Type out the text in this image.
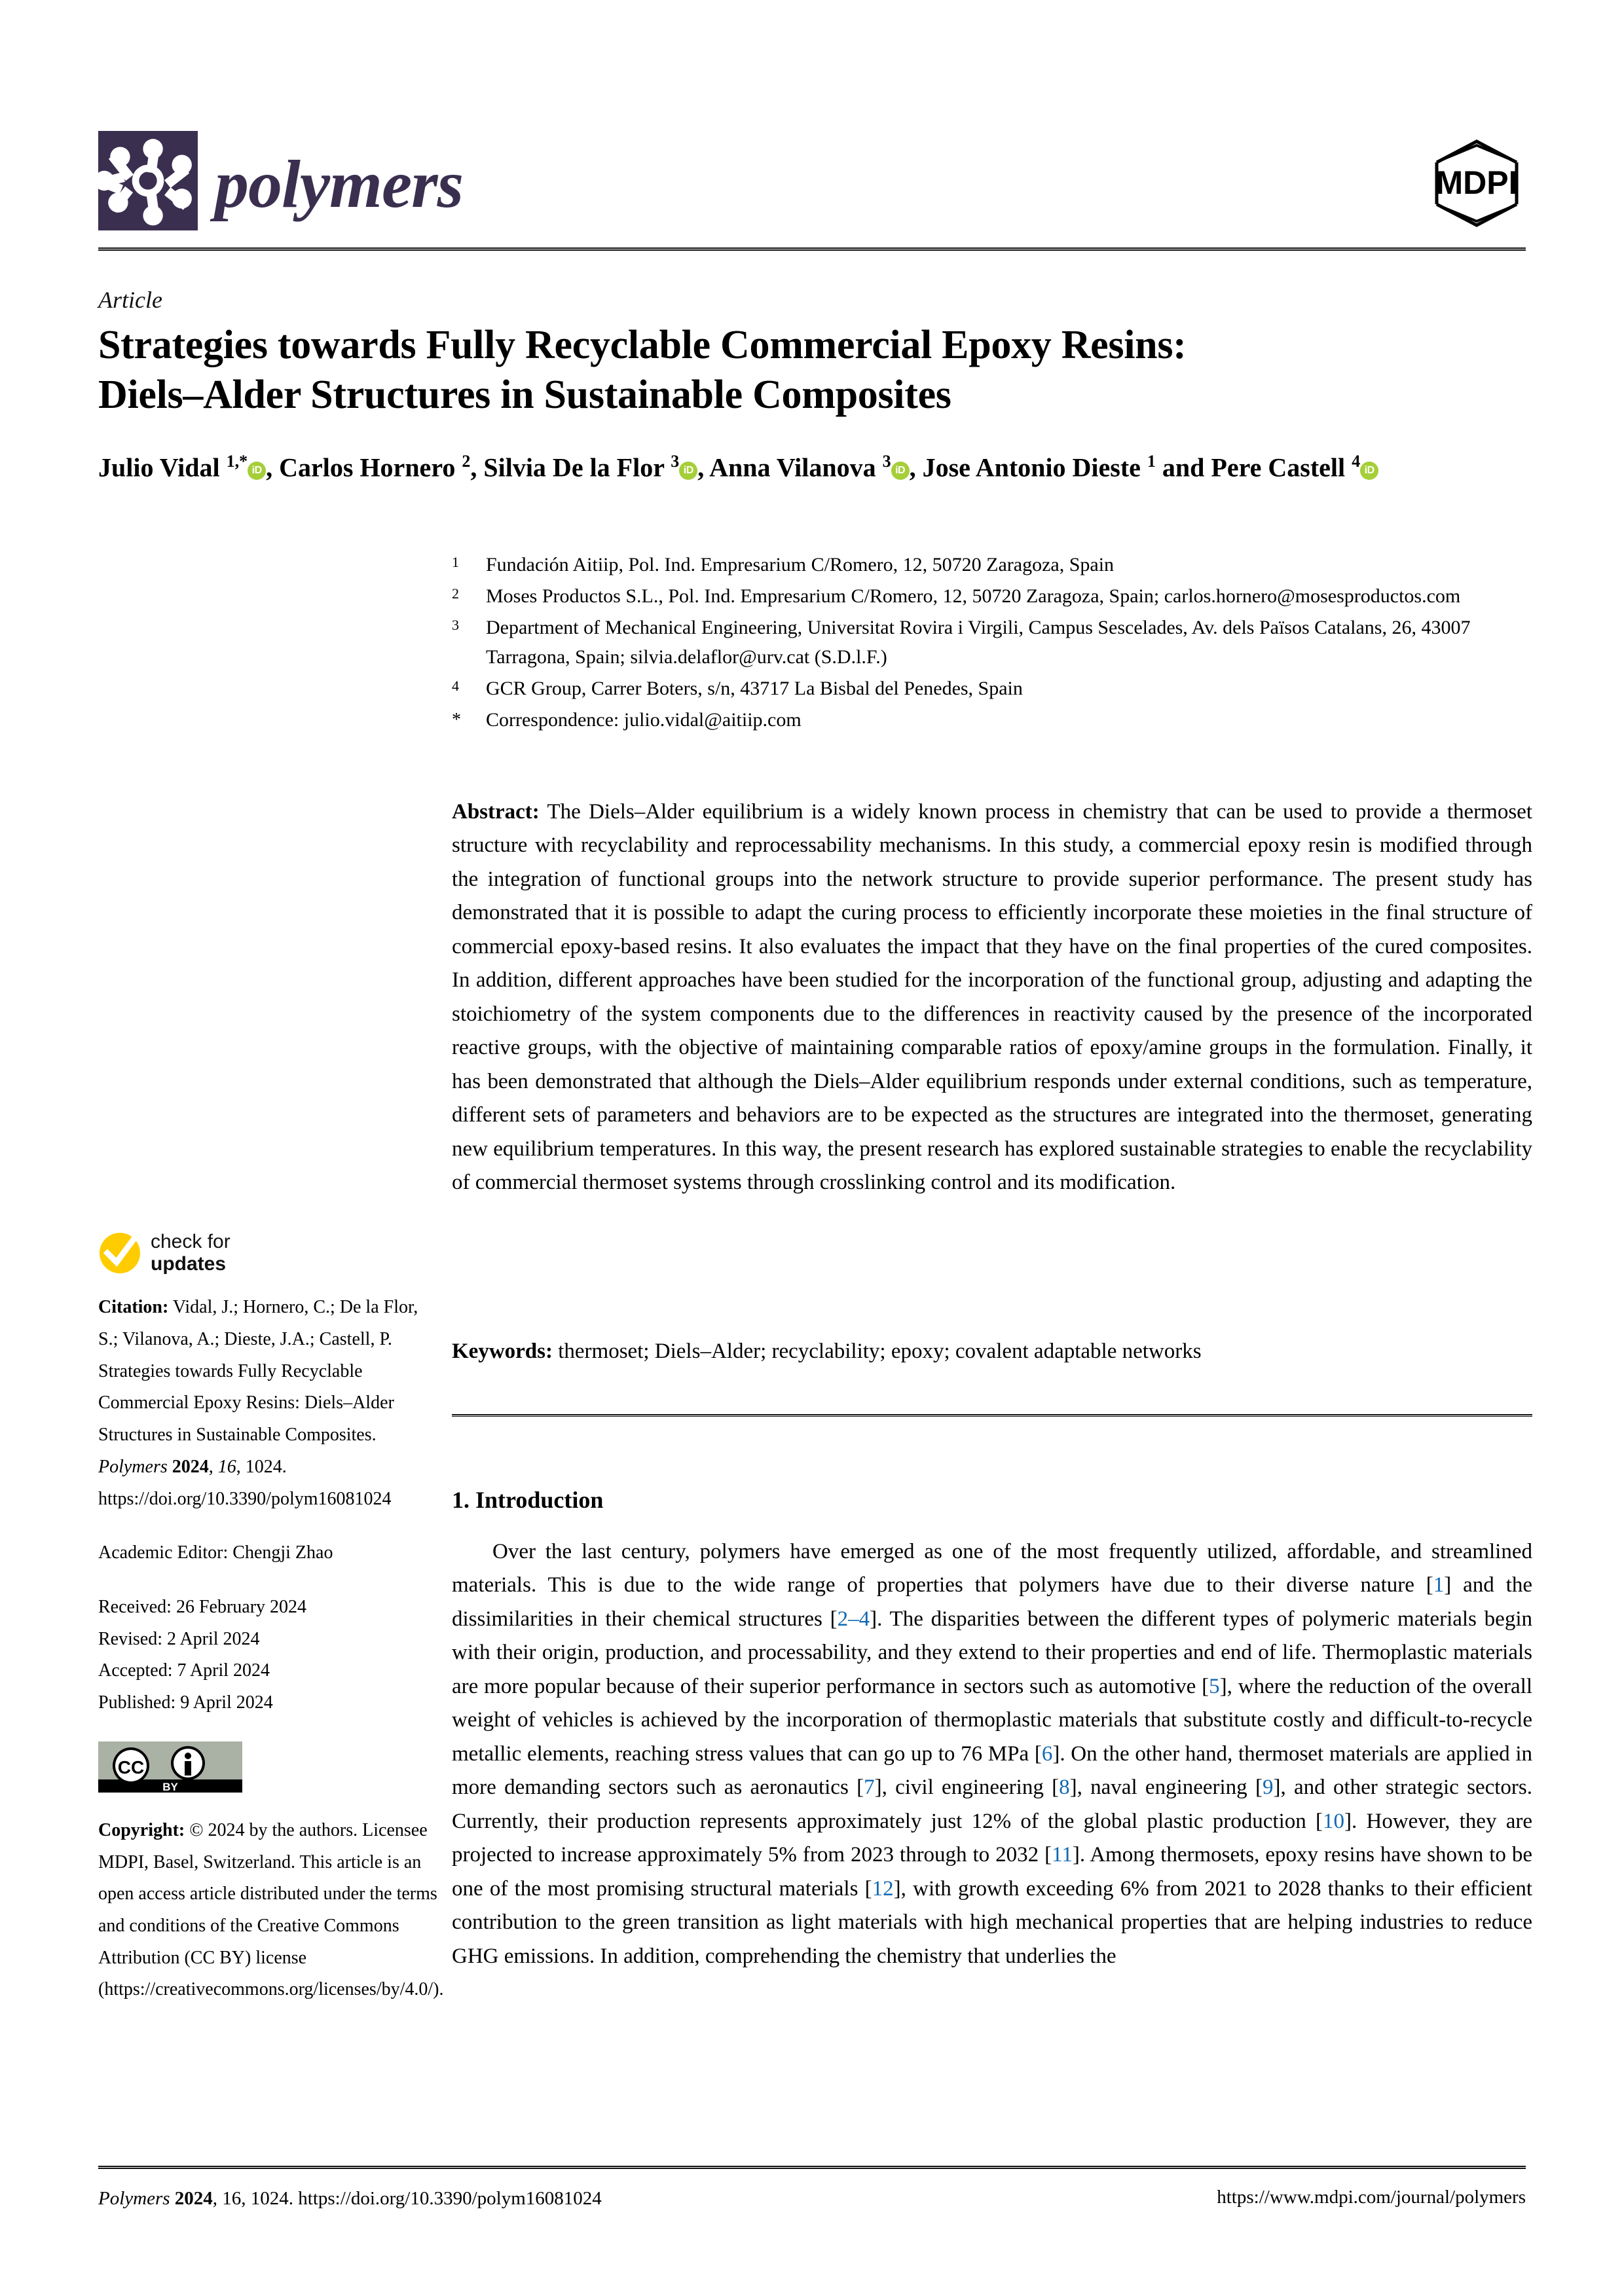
polymers	MDPI
Article
Strategies towards Fully Recyclable Commercial Epoxy Resins:
Diels–Alder Structures in Sustainable Composites
Julio Vidal $^{1,*}$ iD , Carlos Hornero $^2$, Silvia De la Flor $^3$ iD , Anna Vilanova $^3$ iD , Jose Antonio Dieste $^1$ and Pere Castell $^4$ iD
1	Fundación Aitiip, Pol. Ind. Empresarium C/Romero, 12, 50720 Zaragoza, Spain
2	Moses Productos S.L., Pol. Ind. Empresarium C/Romero, 12, 50720 Zaragoza, Spain; carlos.hornero@mosesproductos.com
3	Department of Mechanical Engineering, Universitat Rovira i Virgili, Campus Sescelades, Av. dels Països Catalans, 26, 43007 Tarragona, Spain; silvia.delaflor@urv.cat (S.D.l.F.)
4	GCR Group, Carrer Boters, s/n, 43717 La Bisbal del Penedes, Spain
*	Correspondence: julio.vidal@aitiip.com
Abstract: The Diels–Alder equilibrium is a widely known process in chemistry that can be used to provide a thermoset structure with recyclability and reprocessability mechanisms. In this study, a commercial epoxy resin is modified through the integration of functional groups into the network structure to provide superior performance. The present study has demonstrated that it is possible to adapt the curing process to efficiently incorporate these moieties in the final structure of commercial epoxy-based resins. It also evaluates the impact that they have on the final properties of the cured composites. In addition, different approaches have been studied for the incorporation of the functional group, adjusting and adapting the stoichiometry of the system components due to the differences in reactivity caused by the presence of the incorporated reactive groups, with the objective of maintaining comparable ratios of epoxy/amine groups in the formulation. Finally, it has been demonstrated that although the Diels–Alder equilibrium responds under external conditions, such as temperature, different sets of parameters and behaviors are to be expected as the structures are integrated into the thermoset, generating new equilibrium temperatures. In this way, the present research has explored sustainable strategies to enable the recyclability of commercial thermoset systems through crosslinking control and its modification.
Keywords: thermoset; Diels–Alder; recyclability; epoxy; covalent adaptable networks
1. Introduction
Over the last century, polymers have emerged as one of the most frequently utilized, affordable, and streamlined materials. This is due to the wide range of properties that polymers have due to their diverse nature [1] and the dissimilarities in their chemical structures [2–4]. The disparities between the different types of polymeric materials begin with their origin, production, and processability, and they extend to their properties and end of life. Thermoplastic materials are more popular because of their superior performance in sectors such as automotive [5], where the reduction of the overall weight of vehicles is achieved by the incorporation of thermoplastic materials that substitute costly and difficult-to-recycle metallic elements, reaching stress values that can go up to 76 MPa [6]. On the other hand, thermoset materials are applied in more demanding sectors such as aeronautics [7], civil engineering [8], naval engineering [9], and other strategic sectors. Currently, their production represents approximately just 12% of the global plastic production [10]. However, they are projected to increase approximately 5% from 2023 through to 2032 [11]. Among thermosets, epoxy resins have shown to be one of the most promising structural materials [12], with growth exceeding 6% from 2021 to 2028 thanks to their efficient contribution to the green transition as light materials with high mechanical properties that are helping industries to reduce GHG emissions. In addition, comprehending the chemistry that underlies the
check for
updates
Citation: Vidal, J.; Hornero, C.; De la Flor, S.; Vilanova, A.; Dieste, J.A.; Castell, P. Strategies towards Fully Recyclable Commercial Epoxy Resins: Diels–Alder Structures in Sustainable Composites. Polymers 2024, 16, 1024. https://doi.org/10.3390/polym16081024
Academic Editor: Chengji Zhao
Received: 26 February 2024
Revised: 2 April 2024
Accepted: 7 April 2024
Published: 9 April 2024
CC
BY
Copyright: © 2024 by the authors. Licensee MDPI, Basel, Switzerland. This article is an open access article distributed under the terms and conditions of the Creative Commons Attribution (CC BY) license (https://creativecommons.org/licenses/by/4.0/).
Polymers 2024, 16, 1024. https://doi.org/10.3390/polym16081024	https://www.mdpi.com/journal/polymers
